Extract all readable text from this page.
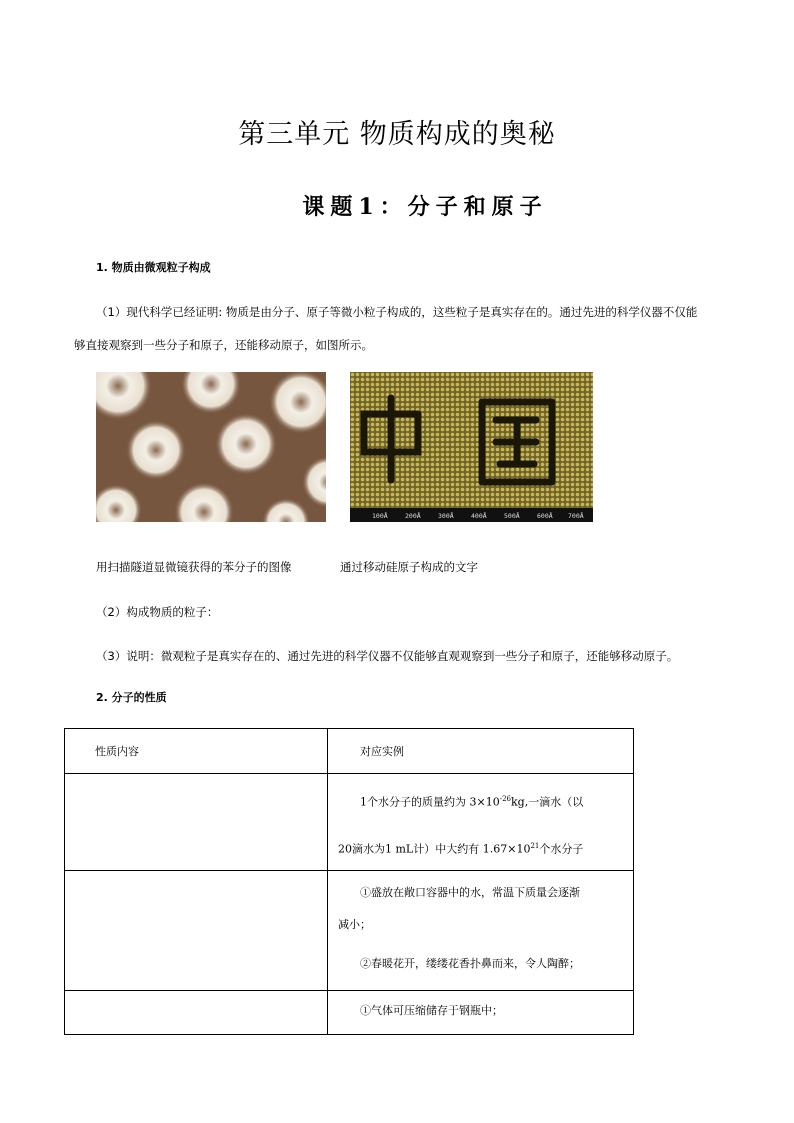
第三单元 物质构成的奥秘
课题1：分子和原子
1. 物质由微观粒子构成
（1）现代科学已经证明: 物质是由分子、原子等微小粒子构成的，这些粒子是真实存在的。通过先进的科学仪器不仅能
够直接观察到一些分子和原子，还能移动原子，如图所示。
100Å	200Å	300Å	400Å	500Å	600Å 700Å
用扫描隧道显微镜获得的苯分子的图像	通过移动硅原子构成的文字
（2）构成物质的粒子：
（3）说明：微观粒子是真实存在的、通过先进的科学仪器不仅能够直观观察到一些分子和原子，还能够移动原子。
2. 分子的性质
性质内容	对应实例

	1个水分子的质量约为 $3\times 10^{-26}kg$,一滴水（以
20滴水为1 mL计）中大约有 $1.67\times 10^{21}$个水分子

	①盛放在敞口容器中的水，常温下质量会逐渐
减小；
②春暖花开，缕缕花香扑鼻而来，令人陶醉；

	①气体可压缩储存于钢瓶中；
